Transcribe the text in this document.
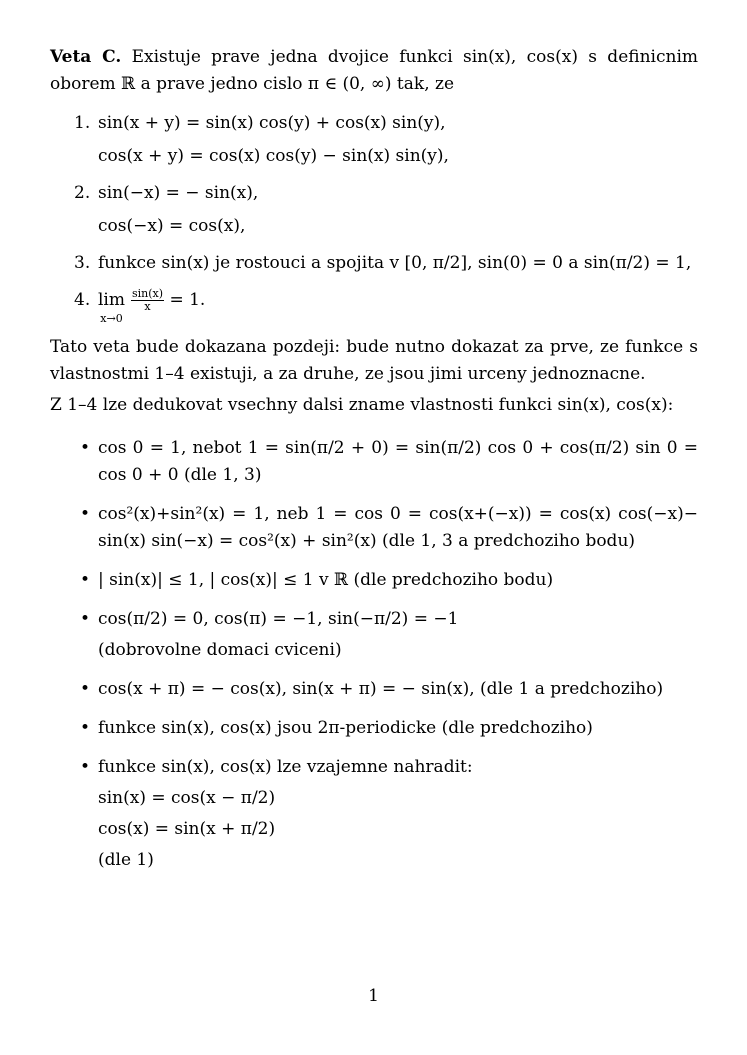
Veta C. Existuje prave jedna dvojice funkci sin(x), cos(x) s definicnim oborem ℝ a prave jedno cislo π ∈ (0, ∞) tak, ze

1. sin(x + y) = sin(x) cos(y) + cos(x) sin(y),
cos(x + y) = cos(x) cos(y) − sin(x) sin(y),
2. sin(−x) = − sin(x),
cos(−x) = cos(x),
3. funkce sin(x) je rostouci a spojita v [0, π/2], sin(0) = 0 a sin(π/2) = 1,
4. lim
x→0
$\frac{\sin(x)}{x} = 1$.

Tato veta bude dokazana pozdeji: bude nutno dokazat za prve, ze funkce s vlastnostmi 1–4 existuji, a za druhe, ze jsou jimi urceny jednoznacne.

Z 1–4 lze dedukovat vsechny dalsi zname vlastnosti funkci sin(x), cos(x):

• cos 0 = 1, nebot 1 = sin(π/2 + 0) = sin(π/2) cos 0 + cos(π/2) sin 0 = cos 0 + 0 (dle 1, 3)
• cos²(x)+sin²(x) = 1, neb 1 = cos 0 = cos(x+(−x)) = cos(x) cos(−x)− sin(x) sin(−x) = cos²(x) + sin²(x) (dle 1, 3 a predchoziho bodu)
• | sin(x)| ≤ 1, | cos(x)| ≤ 1 v ℝ (dle predchoziho bodu)
• cos(π/2) = 0, cos(π) = −1, sin(−π/2) = −1
(dobrovolne domaci cviceni)
• cos(x + π) = − cos(x), sin(x + π) = − sin(x), (dle 1 a predchoziho)
• funkce sin(x), cos(x) jsou 2π-periodicke (dle predchoziho)
• funkce sin(x), cos(x) lze vzajemne nahradit:
sin(x) = cos(x − π/2)
cos(x) = sin(x + π/2)
(dle 1)
1
